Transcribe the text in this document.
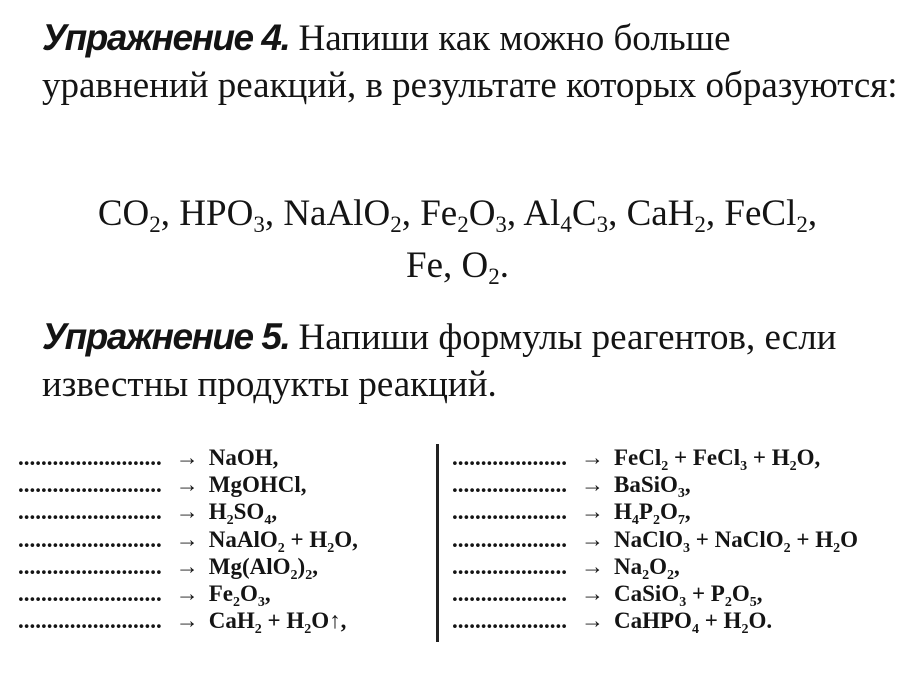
Упражнение 4. Напиши как можно больше уравнений реакций, в результате которых образуются:
$CO_2$, $HPO_3$, NaAlO$_2$, $Fe_2O_3$, $Al_4C_3$, CaH$_2$, FeCl$_2$,
Fe, $O_2$.
Упражнение 5. Напиши формулы реагентов, если известны продукты реакций.
......................... → NaOH,
......................... → MgOHCl,
......................... → $H_2SO_4$,
......................... → NaAlO$_2$ + $H_2O$,
......................... → $Mg(AlO_2)_2$,
......................... → $Fe_2O_3$,
......................... → $CaH_2 + H_2O↑$,
.................... → FeCl$_2$ + FeCl$_3$ + $H_2O$,
.................... → BaSiO$_3$,
.................... → $H_4P_2O_7$,
.................... → NaClO$_3$ + NaClO$_2$ + $H_2O$
.................... → $Na_2O_2$,
.................... → CaSiO$_3$ + $P_2O_5$,
.................... → CaHPO$_4$ + $H_2O$.
